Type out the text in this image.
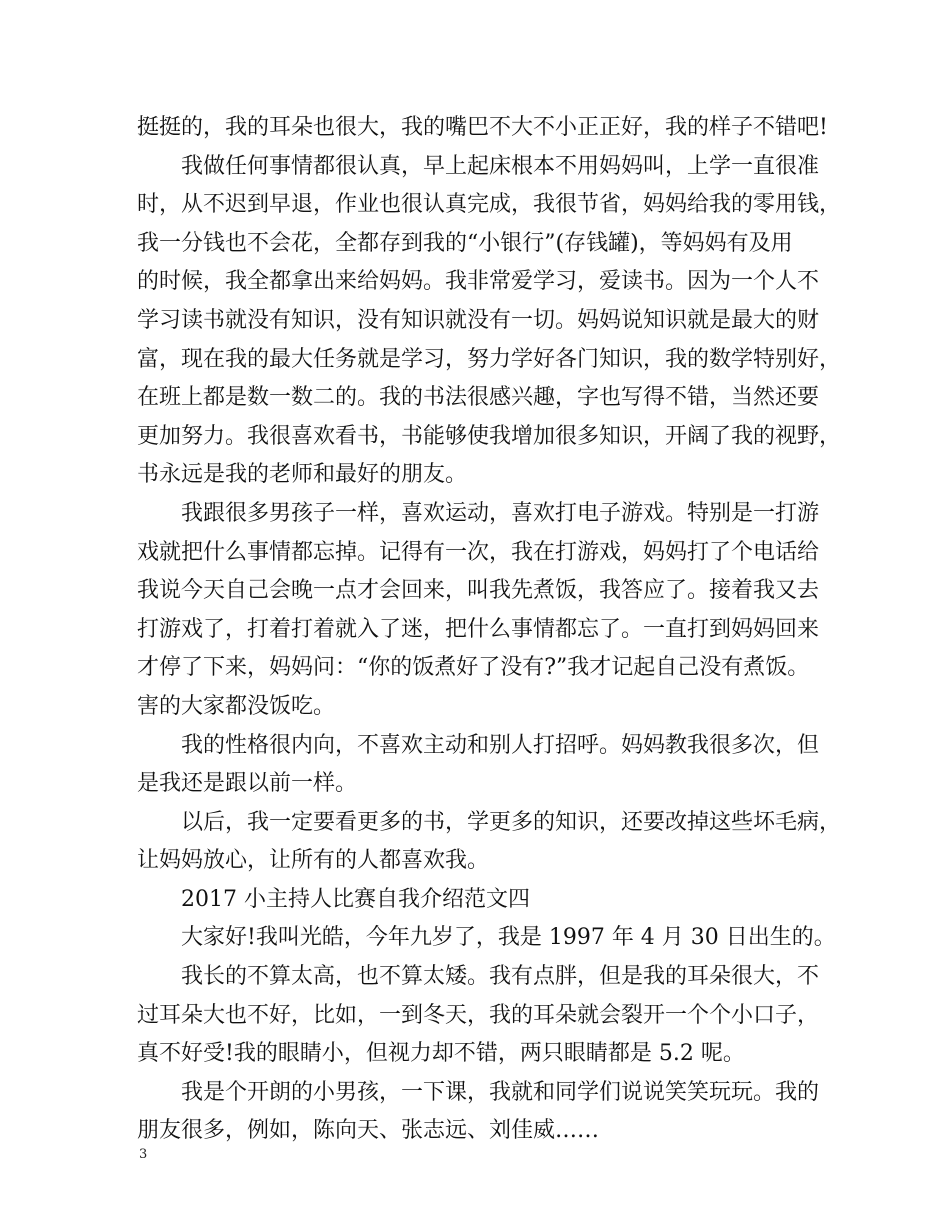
挺挺的，我的耳朵也很大，我的嘴巴不大不小正正好，我的样子不错吧!
我做任何事情都很认真，早上起床根本不用妈妈叫，上学一直很准
时，从不迟到早退，作业也很认真完成，我很节省，妈妈给我的零用钱，
我一分钱也不会花，全都存到我的“小银行”(存钱罐)，等妈妈有及用
的时候，我全都拿出来给妈妈。我非常爱学习，爱读书。因为一个人不
学习读书就没有知识，没有知识就没有一切。妈妈说知识就是最大的财
富，现在我的最大任务就是学习，努力学好各门知识，我的数学特别好，
在班上都是数一数二的。我的书法很感兴趣，字也写得不错，当然还要
更加努力。我很喜欢看书，书能够使我增加很多知识，开阔了我的视野，
书永远是我的老师和最好的朋友。
我跟很多男孩子一样，喜欢运动，喜欢打电子游戏。特别是一打游
戏就把什么事情都忘掉。记得有一次，我在打游戏，妈妈打了个电话给
我说今天自己会晚一点才会回来，叫我先煮饭，我答应了。接着我又去
打游戏了，打着打着就入了迷，把什么事情都忘了。一直打到妈妈回来
才停了下来，妈妈问：“你的饭煮好了没有?”我才记起自己没有煮饭。
害的大家都没饭吃。
我的性格很内向，不喜欢主动和别人打招呼。妈妈教我很多次，但
是我还是跟以前一样。
以后，我一定要看更多的书，学更多的知识，还要改掉这些坏毛病，
让妈妈放心，让所有的人都喜欢我。
2017 小主持人比赛自我介绍范文四
大家好!我叫光皓，今年九岁了，我是 1997 年 4 月 30 日出生的。
我长的不算太高，也不算太矮。我有点胖，但是我的耳朵很大，不
过耳朵大也不好，比如，一到冬天，我的耳朵就会裂开一个个小口子，
真不好受!我的眼睛小，但视力却不错，两只眼睛都是 5.2 呢。
我是个开朗的小男孩，一下课，我就和同学们说说笑笑玩玩。我的
朋友很多，例如，陈向天、张志远、刘佳威……
3
